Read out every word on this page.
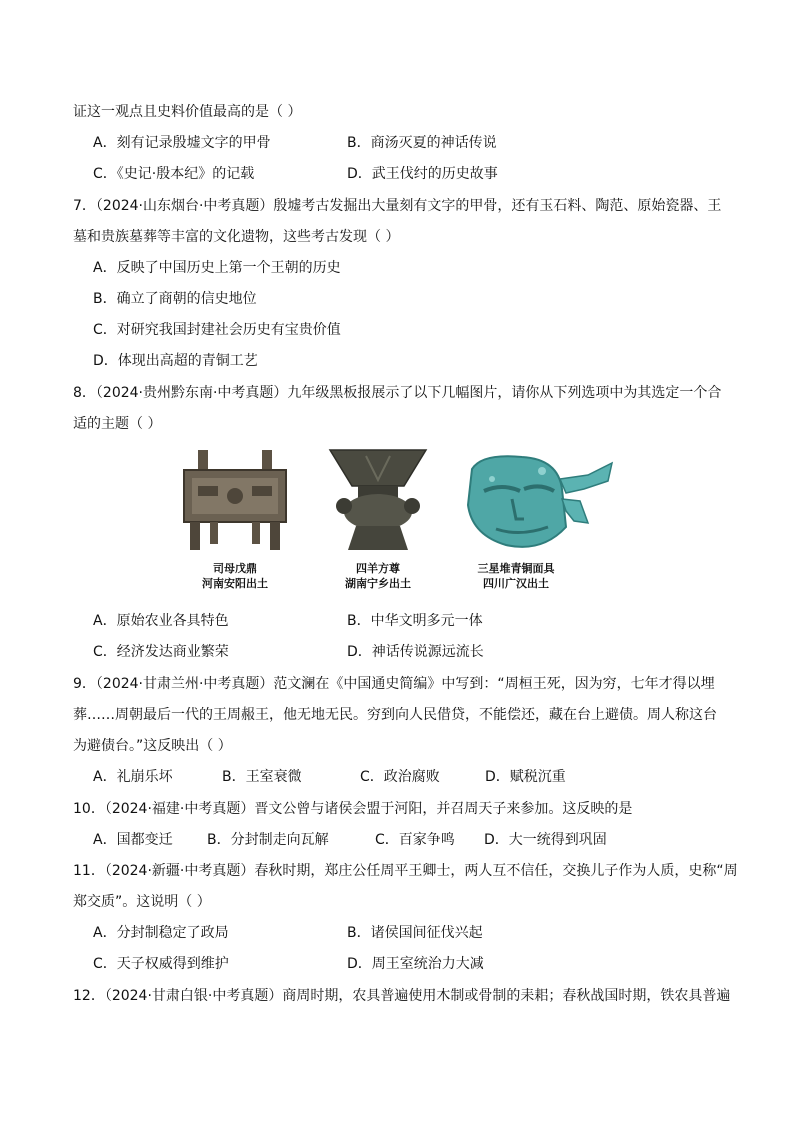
证这一观点且史料价值最高的是（ ）
A．刻有记录殷墟文字的甲骨	B．商汤灭夏的神话传说
C．《史记·殷本纪》的记载	D．武王伐纣的历史故事
7．（2024·山东烟台·中考真题）殷墟考古发掘出大量刻有文字的甲骨，还有玉石料、陶范、原始瓷器、王
墓和贵族墓葬等丰富的文化遗物，这些考古发现（ ）
A．反映了中国历史上第一个王朝的历史
B．确立了商朝的信史地位
C．对研究我国封建社会历史有宝贵价值
D．体现出高超的青铜工艺
8．（2024·贵州黔东南·中考真题）九年级黑板报展示了以下几幅图片，请你从下列选项中为其选定一个合
适的主题（ ）
司母戊鼎
河南安阳出土
四羊方尊
湖南宁乡出土
三星堆青铜面具
四川广汉出土
A．原始农业各具特色	B．中华文明多元一体
C．经济发达商业繁荣	D．神话传说源远流长
9．（2024·甘肃兰州·中考真题）范文澜在《中国通史简编》中写到：“周桓王死，因为穷，七年才得以埋
葬……周朝最后一代的王周赧王，他无地无民。穷到向人民借贷，不能偿还，藏在台上避债。周人称这台
为避债台。”这反映出（ ）
A．礼崩乐坏	B．王室衰微	C．政治腐败	D．赋税沉重
10．（2024·福建·中考真题）晋文公曾与诸侯会盟于河阳，并召周天子来参加。这反映的是
A．国都变迁 B．分封制走向瓦解	C．百家争鸣 D．大一统得到巩固
11．（2024·新疆·中考真题）春秋时期，郑庄公任周平王卿士，两人互不信任，交换儿子作为人质，史称“周
郑交质”。这说明（ ）
A．分封制稳定了政局	B．诸侯国间征伐兴起
C．天子权威得到维护	D．周王室统治力大减
12．（2024·甘肃白银·中考真题）商周时期，农具普遍使用木制或骨制的耒耜；春秋战国时期，铁农具普遍
